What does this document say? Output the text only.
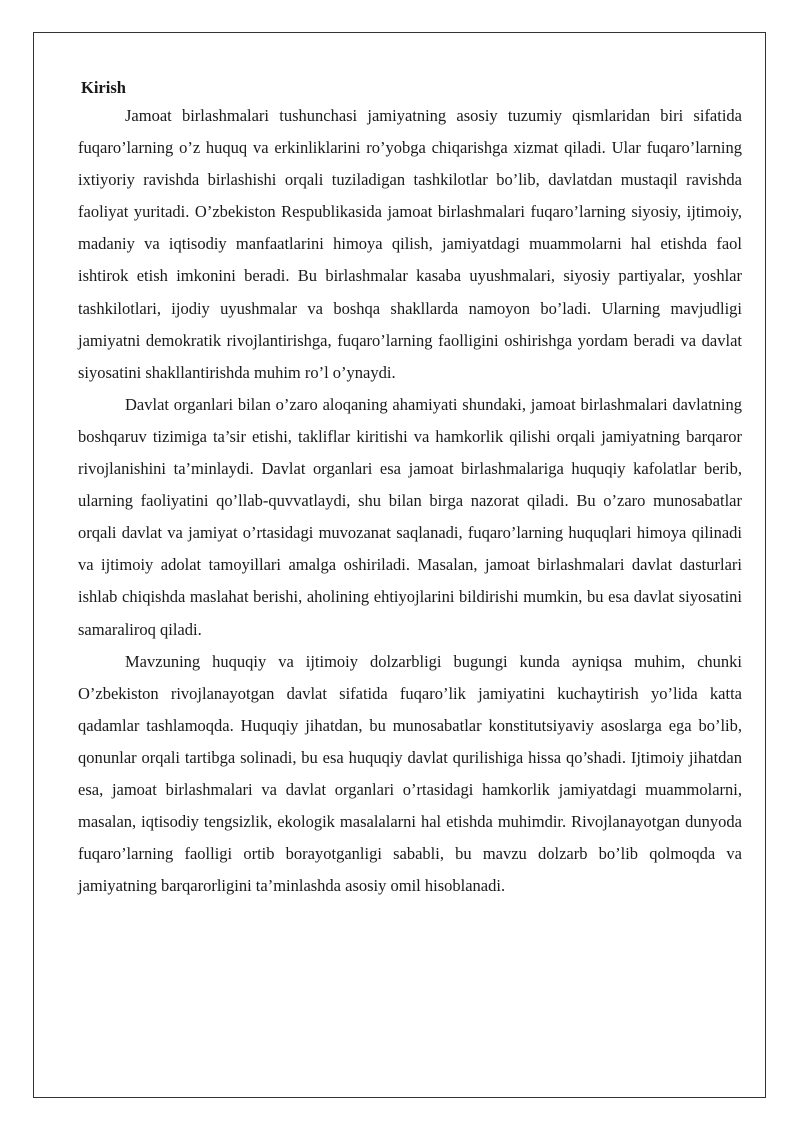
Kirish

Jamoat birlashmalari tushunchasi jamiyatning asosiy tuzumiy qismlaridan biri sifatida fuqaro’larning o’z huquq va erkinliklarini ro’yobga chiqarishga xizmat qiladi. Ular fuqaro’larning ixtiyoriy ravishda birlashishi orqali tuziladigan tashkilotlar bo’lib, davlatdan mustaqil ravishda faoliyat yuritadi. O’zbekiston Respublikasida jamoat birlashmalari fuqaro’larning siyosiy, ijtimoiy, madaniy va iqtisodiy manfaatlarini himoya qilish, jamiyatdagi muammolarni hal etishda faol ishtirok etish imkonini beradi. Bu birlashmalar kasaba uyushmalari, siyosiy partiyalar, yoshlar tashkilotlari, ijodiy uyushmalar va boshqa shakllarda namoyon bo’ladi. Ularning mavjudligi jamiyatni demokratik rivojlantirishga, fuqaro’larning faolligini oshirishga yordam beradi va davlat siyosatini shakllantirishda muhim ro’l o’ynaydi.

Davlat organlari bilan o’zaro aloqaning ahamiyati shundaki, jamoat birlashmalari davlatning boshqaruv tizimiga ta’sir etishi, takliflar kiritishi va hamkorlik qilishi orqali jamiyatning barqaror rivojlanishini ta’minlaydi. Davlat organlari esa jamoat birlashmalariga huquqiy kafolatlar berib, ularning faoliyatini qo’llab-quvvatlaydi, shu bilan birga nazorat qiladi. Bu o’zaro munosabatlar orqali davlat va jamiyat o’rtasidagi muvozanat saqlanadi, fuqaro’larning huquqlari himoya qilinadi va ijtimoiy adolat tamoyillari amalga oshiriladi. Masalan, jamoat birlashmalari davlat dasturlari ishlab chiqishda maslahat berishi, aholining ehtiyojlarini bildirishi mumkin, bu esa davlat siyosatini samaraliroq qiladi.

Mavzuning huquqiy va ijtimoiy dolzarbligi bugungi kunda ayniqsa muhim, chunki O’zbekiston rivojlanayotgan davlat sifatida fuqaro’lik jamiyatini kuchaytirish yo’lida katta qadamlar tashlamoqda. Huquqiy jihatdan, bu munosabatlar konstitutsiyaviy asoslarga ega bo’lib, qonunlar orqali tartibga solinadi, bu esa huquqiy davlat qurilishiga hissa qo’shadi. Ijtimoiy jihatdan esa, jamoat birlashmalari va davlat organlari o’rtasidagi hamkorlik jamiyatdagi muammolarni, masalan, iqtisodiy tengsizlik, ekologik masalalarni hal etishda muhimdir. Rivojlanayotgan dunyoda fuqaro’larning faolligi ortib borayotganligi sababli, bu mavzu dolzarb bo’lib qolmoqda va jamiyatning barqarorligini ta’minlashda asosiy omil hisoblanadi.
